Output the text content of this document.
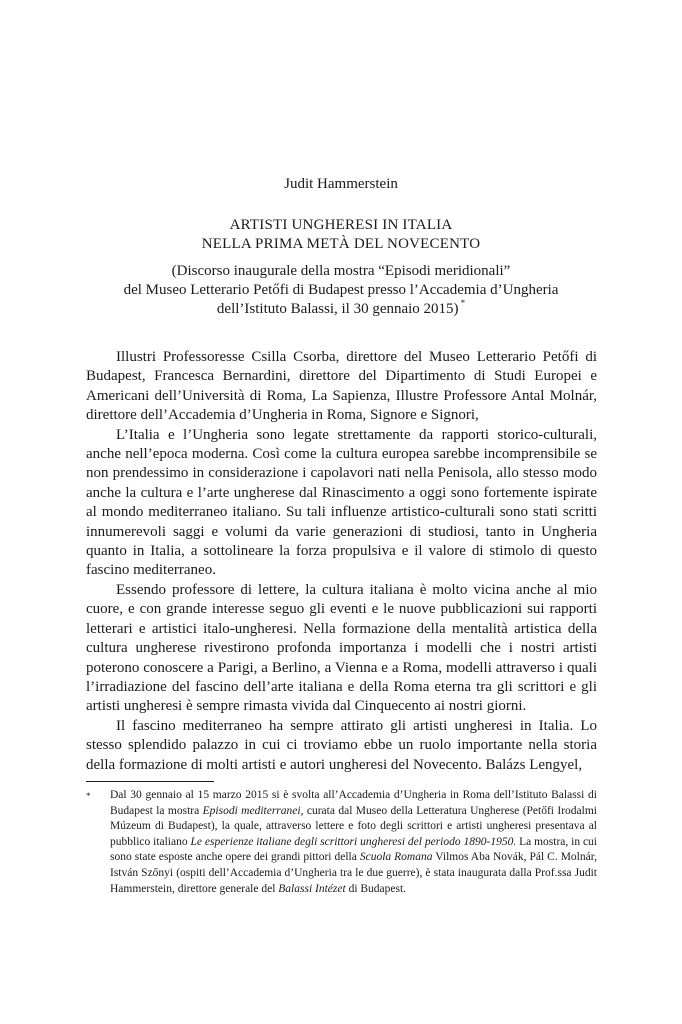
Judit Hammerstein
ARTISTI UNGHERESI IN ITALIA
NELLA PRIMA METÀ DEL NOVECENTO
(Discorso inaugurale della mostra “Episodi meridionali”
del Museo Letterario Petőfi di Budapest presso l’Accademia d’Ungheria
dell’Istituto Balassi, il 30 gennaio 2015) *

Illustri Professoresse Csilla Csorba, direttore del Museo Letterario Petőfi di Budapest, Francesca Bernardini, direttore del Dipartimento di Studi Europei e Americani dell’Università di Roma, La Sapienza, Illustre Professore Antal Molnár, direttore dell’Accademia d’Ungheria in Roma, Signore e Signori,

L’Italia e l’Ungheria sono legate strettamente da rapporti storico-culturali, anche nell’epoca moderna. Così come la cultura europea sarebbe incomprensibile se non prendessimo in considerazione i capolavori nati nella Penisola, allo stesso modo anche la cultura e l’arte ungherese dal Rinascimento a oggi sono fortemente ispirate al mondo mediterraneo italiano. Su tali influenze artistico-culturali sono stati scritti innumerevoli saggi e volumi da varie generazioni di studiosi, tanto in Ungheria quanto in Italia, a sottolineare la forza propulsiva e il valore di stimolo di questo fascino mediterraneo.

Essendo professore di lettere, la cultura italiana è molto vicina anche al mio cuore, e con grande interesse seguo gli eventi e le nuove pubblicazioni sui rapporti letterari e artistici italo-ungheresi. Nella formazione della mentalità artistica della cultura ungherese rivestirono profonda importanza i modelli che i nostri artisti poterono conoscere a Parigi, a Berlino, a Vienna e a Roma, modelli attraverso i quali l’irradiazione del fascino dell’arte italiana e della Roma eterna tra gli scrittori e gli artisti ungheresi è sempre rimasta vivida dal Cinquecento ai nostri giorni.

Il fascino mediterraneo ha sempre attirato gli artisti ungheresi in Italia. Lo stesso splendido palazzo in cui ci troviamo ebbe un ruolo importante nella storia della formazione di molti artisti e autori ungheresi del Novecento. Balázs Lengyel,

* Dal 30 gennaio al 15 marzo 2015 si è svolta all’Accademia d’Ungheria in Roma dell’Istituto Balassi di Budapest la mostra Episodi mediterranei, curata dal Museo della Letteratura Ungherese (Petőfi Irodalmi Múzeum di Budapest), la quale, attraverso lettere e foto degli scrittori e artisti ungheresi presentava al pubblico italiano Le esperienze italiane degli scrittori ungheresi del periodo 1890-1950. La mostra, in cui sono state esposte anche opere dei grandi pittori della Scuola Romana Vilmos Aba Novák, Pál C. Molnár, István Szőnyi (ospiti dell’Accademia d’Ungheria tra le due guerre), è stata inaugurata dalla Prof.ssa Judit Hammerstein, direttore generale del Balassi Intézet di Budapest.
